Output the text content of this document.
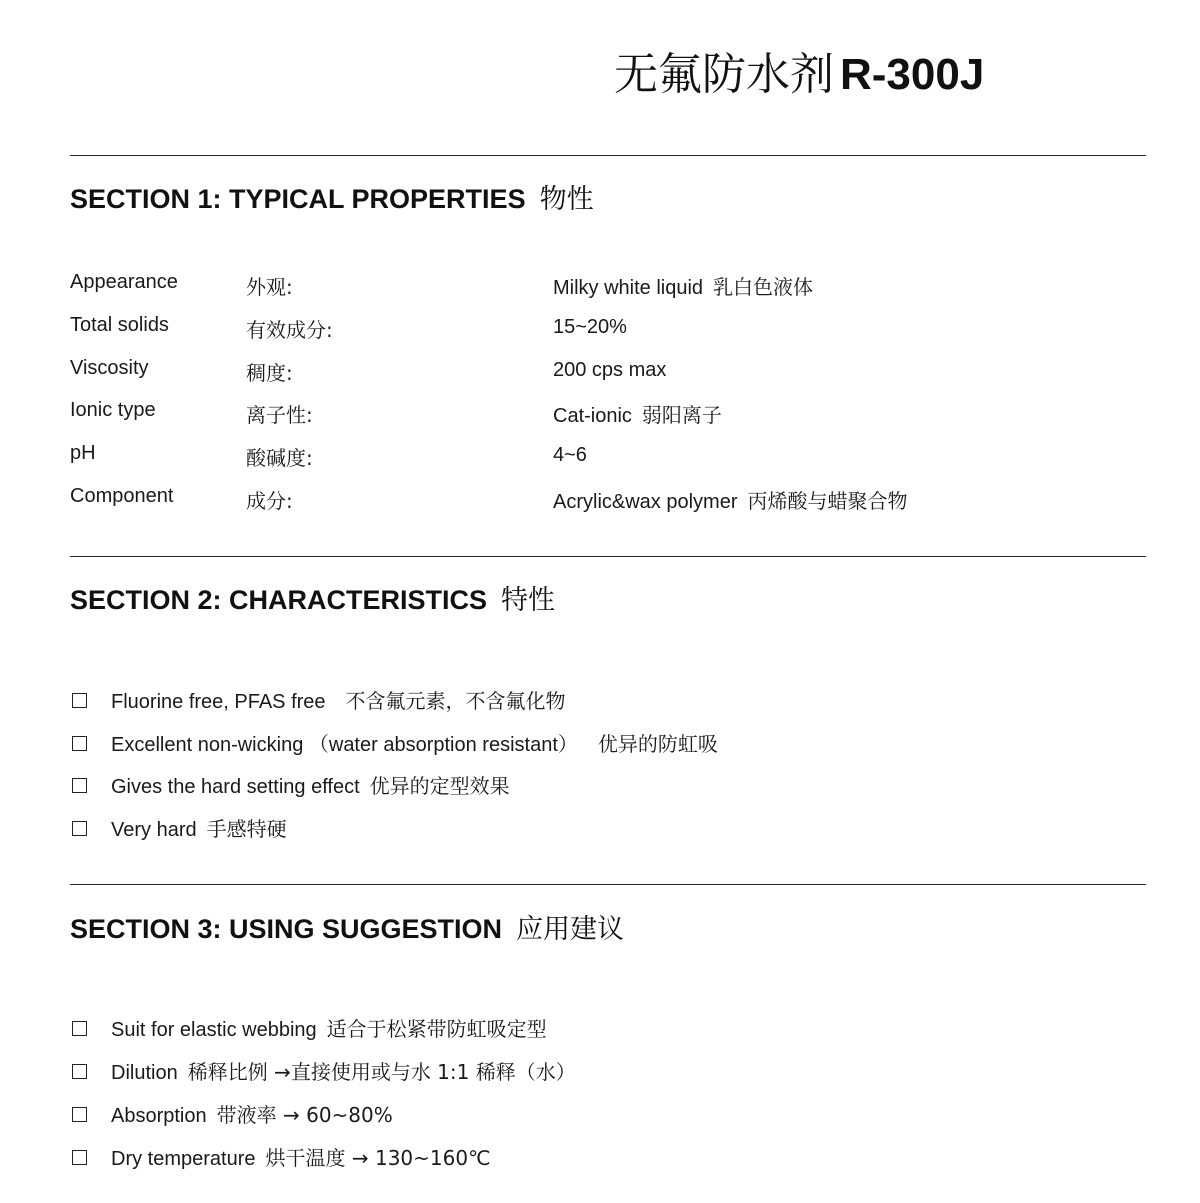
无氟防水剂 R-300J
SECTION 1: TYPICAL PROPERTIES 物性
Appearance	外观:	Milky white liquid 乳白色液体
Total solids	有效成分:	15~20%
Viscosity	稠度:	200 cps max
Ionic type	离子性:	Cat-ionic 弱阳离子
pH	酸碱度:	4~6
Component	成分:	Acrylic&wax polymer 丙烯酸与蜡聚合物
SECTION 2: CHARACTERISTICS 特性
Fluorine free, PFAS free 不含氟元素，不含氟化物
Excellent non-wicking （water absorption resistant） 优异的防虹吸
Gives the hard setting effect 优异的定型效果
Very hard 手感特硬
SECTION 3: USING SUGGESTION 应用建议
Suit for elastic webbing 适合于松紧带防虹吸定型
Dilution 稀释比例 →直接使用或与水 1:1 稀释（水）
Absorption 带液率 → 60~80%
Dry temperature 烘干温度 → 130~160℃
